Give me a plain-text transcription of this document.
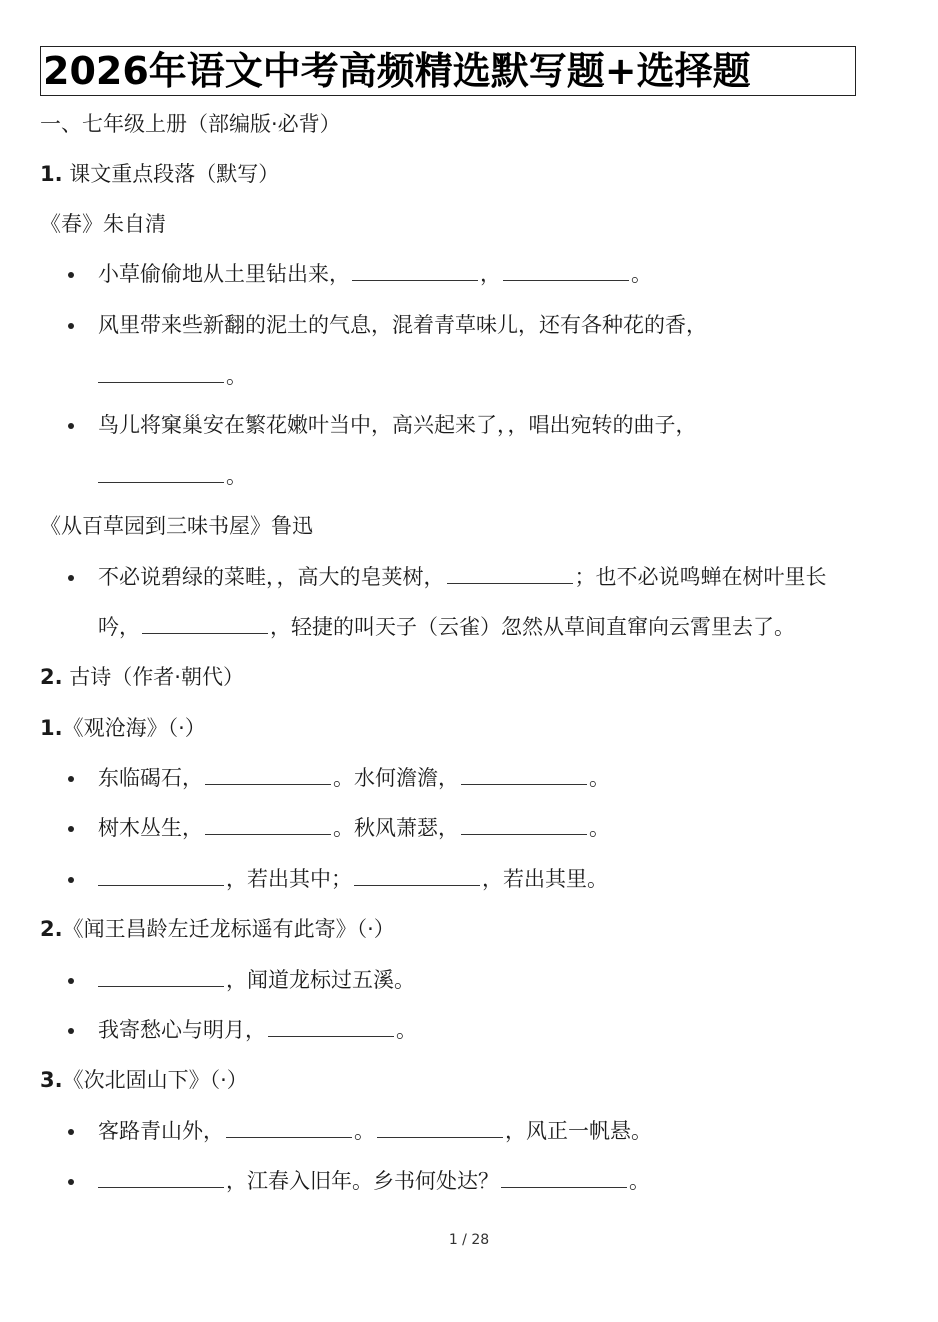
2026年语文中考高频精选默写题+选择题
一、七年级上册（部编版·必背）
1. 课文重点段落（默写）
《春》朱自清
小草偷偷地从土里钻出来，	，	。
风里带来些新翻的泥土的气息，混着青草味儿，还有各种花的香，
。
鸟儿将窠巢安在繁花嫩叶当中，高兴起来了，，唱出宛转的曲子，
。
《从百草园到三味书屋》鲁迅
不必说碧绿的菜畦，，高大的皂荚树，	；也不必说鸣蝉在树叶里长
吟，	，轻捷的叫天子（云雀）忽然从草间直窜向云霄里去了。
2. 古诗（作者·朝代）
1.《观沧海》（·）
东临碣石，	。水何澹澹，	。
树木丛生，	。秋风萧瑟，	。
，若出其中；	，若出其里。
2.《闻王昌龄左迁龙标遥有此寄》（·）
，闻道龙标过五溪。
我寄愁心与明月，	。
3.《次北固山下》（·）
客路青山外，	。	，风正一帆悬。
，江春入旧年。乡书何处达？	。
1 / 28
